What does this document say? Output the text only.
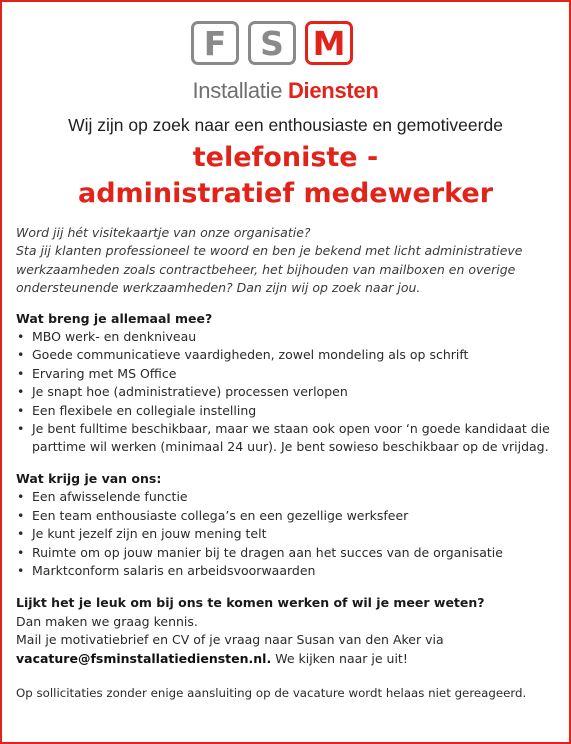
F	S M
Installatie Diensten
Wij zijn op zoek naar een enthousiaste en gemotiveerde
telefoniste -
administratief medewerker

Word jij hét visitekaartje van onze organisatie?

Sta jij klanten professioneel te woord en ben je bekend met licht administratieve werkzaamheden zoals contractbeheer, het bijhouden van mailboxen en overige ondersteunende werkzaamheden? Dan zijn wij op zoek naar jou.

Wat breng je allemaal mee?

• MBO werk- en denkniveau
• Goede communicatieve vaardigheden, zowel mondeling als op schrift
• Ervaring met MS Office
• Je snapt hoe (administratieve) processen verlopen
• Een flexibele en collegiale instelling
• Je bent fulltime beschikbaar, maar we staan ook open voor ‘n goede kandidaat die parttime wil werken (minimaal 24 uur). Je bent sowieso beschikbaar op de vrijdag.

Wat krijg je van ons:

• Een afwisselende functie
• Een team enthousiaste collega’s en een gezellige werksfeer
• Je kunt jezelf zijn en jouw mening telt
• Ruimte om op jouw manier bij te dragen aan het succes van de organisatie
• Marktconform salaris en arbeidsvoorwaarden

Lijkt het je leuk om bij ons te komen werken of wil je meer weten?

Dan maken we graag kennis.

Mail je motivatiebrief en CV of je vraag naar Susan van den Aker via

vacature@fsminstallatiediensten.nl. We kijken naar je uit!

Op sollicitaties zonder enige aansluiting op de vacature wordt helaas niet gereageerd.
